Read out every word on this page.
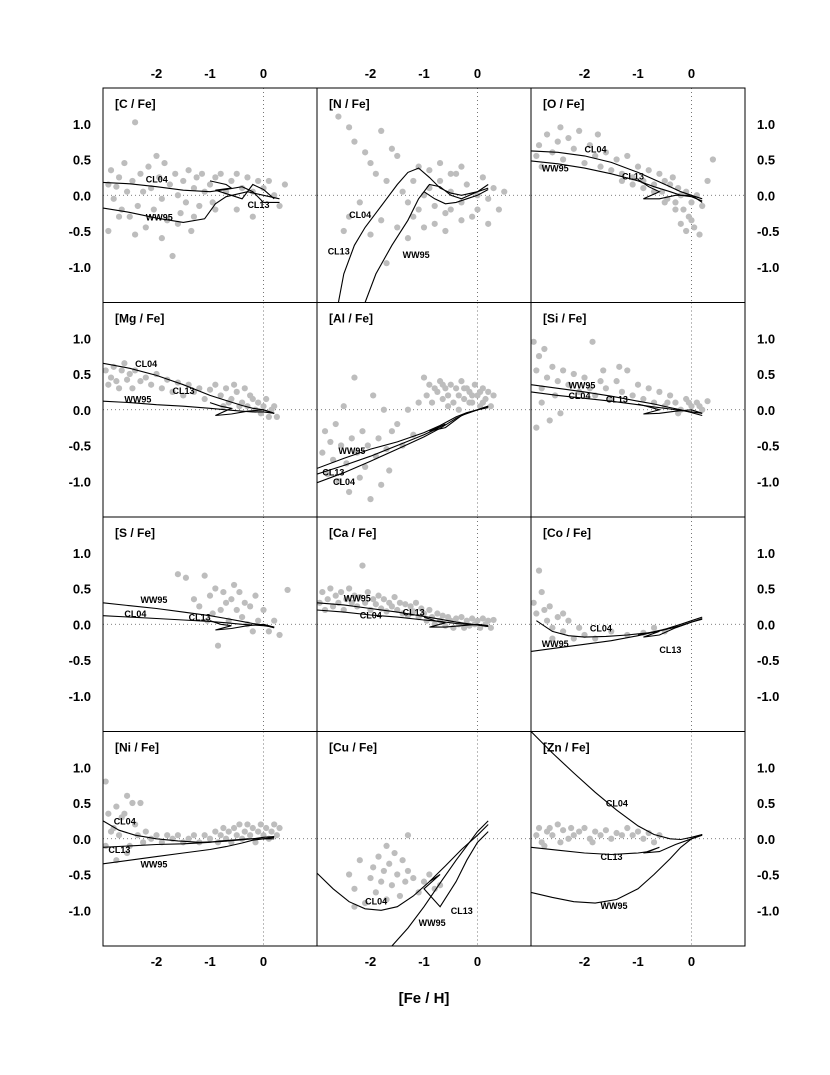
CL04
WW95
CL13
[C / Fe]
CL04
WW95
CL13
[N / Fe]
CL04
WW95
CL13
[O / Fe]
CL04
WW95
CL13
[Mg / Fe]
WW95
CL13
CL04
[Al / Fe]
WW95
CL04 CL13
[Si / Fe]
WW95
CL04	CL13
[S / Fe]
WW95
CL04 CL13
[Ca / Fe]
CL04
WW95
CL13
[Co / Fe]
CL04
CL13
WW95
[Ni / Fe]
CL04
WW95
CL13
[Cu / Fe]
CL04
CL13
WW95
[Zn / Fe]
-2	-1	0	-2	-1	0	-2	-1	0
-2	-1	0	-2	-1	0	-2	-1	0
1.0
0.5
0.0
-0.5
-1.0
1.0
0.5
0.0
-0.5
-1.0
1.0
0.5
0.0
-0.5
-1.0
1.0
0.5
0.0
-0.5
-1.0
1.0
0.5
0.0
-0.5
-1.0
1.0
0.5
0.0
-0.5
-1.0
1.0
0.5
0.0
-0.5
-1.0
1.0
0.5
0.0
-0.5
-1.0
[Fe / H]
